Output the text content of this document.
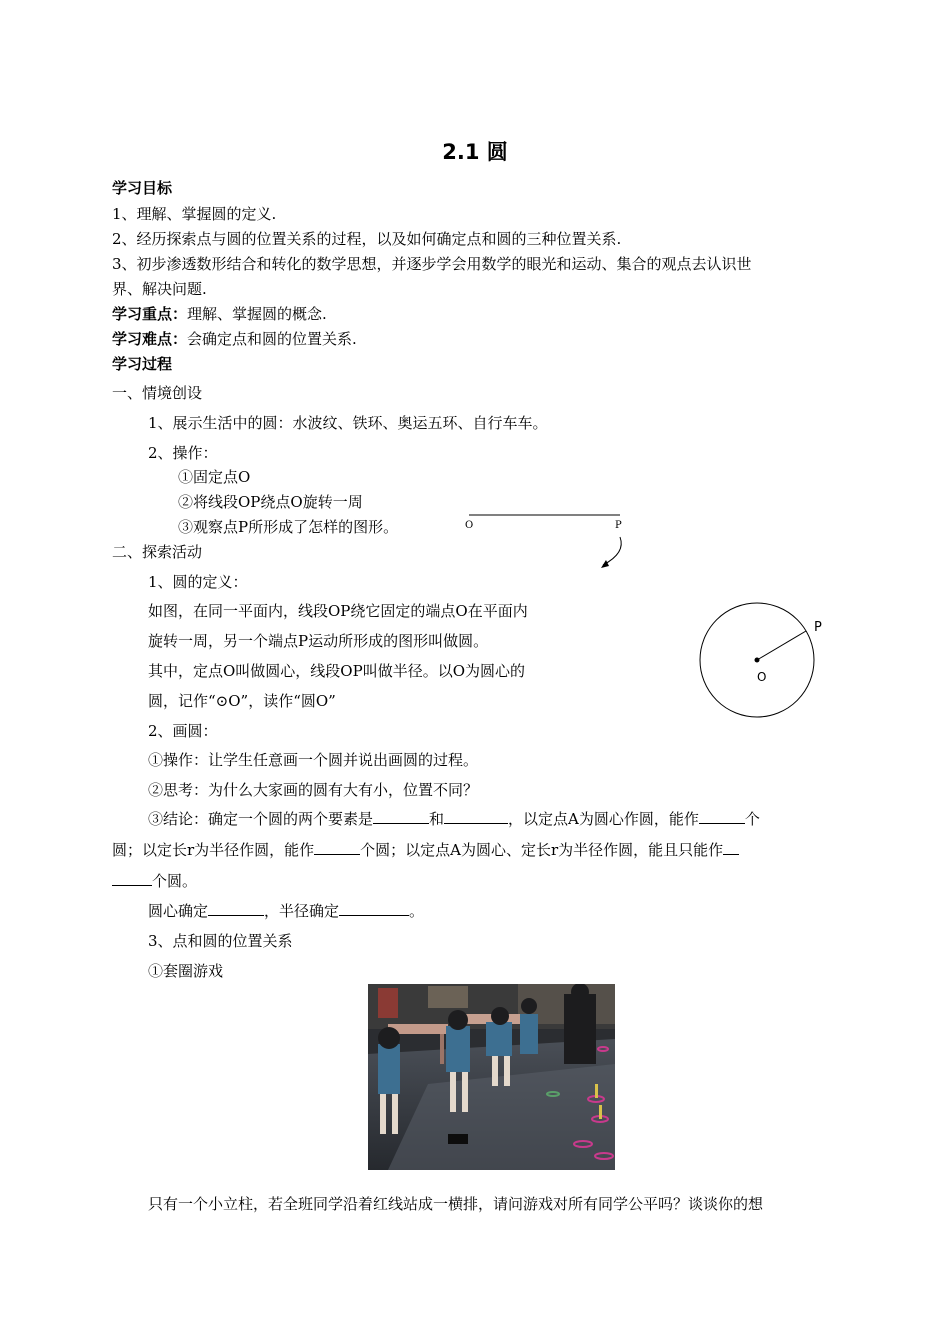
2.1 圆
学习目标
1、理解、掌握圆的定义.
2、经历探索点与圆的位置关系的过程，以及如何确定点和圆的三种位置关系.
3、初步渗透数形结合和转化的数学思想，并逐步学会用数学的眼光和运动、集合的观点去认识世
界、解决问题.
学习重点：理解、掌握圆的概念.
学习难点：会确定点和圆的位置关系.
学习过程
一、情境创设
1、展示生活中的圆：水波纹、铁环、奥运五环、自行车车。
2、操作：
①固定点O
②将线段OP绕点O旋转一周
③观察点P所形成了怎样的图形。	O	P
二、探索活动
1、圆的定义：
如图，在同一平面内，线段OP绕它固定的端点O在平面内
旋转一周，另一个端点P运动所形成的图形叫做圆。
其中，定点O叫做圆心，线段OP叫做半径。以O为圆心的
圆，记作“⊙O”，读作“圆O”
P
O
2、画圆：
①操作：让学生任意画一个圆并说出画圆的过程。
②思考：为什么大家画的圆有大有小，位置不同？
③结论：确定一个圆的两个要素是	和	，以定点A为圆心作圆，能作	个
圆；以定长r为半径作圆，能作	个圆；以定点A为圆心、定长r为半径作圆，能且只能作
个圆。
圆心确定	，半径确定	。
3、点和圆的位置关系
①套圈游戏
只有一个小立柱，若全班同学沿着红线站成一横排，请问游戏对所有同学公平吗？谈谈你的想
